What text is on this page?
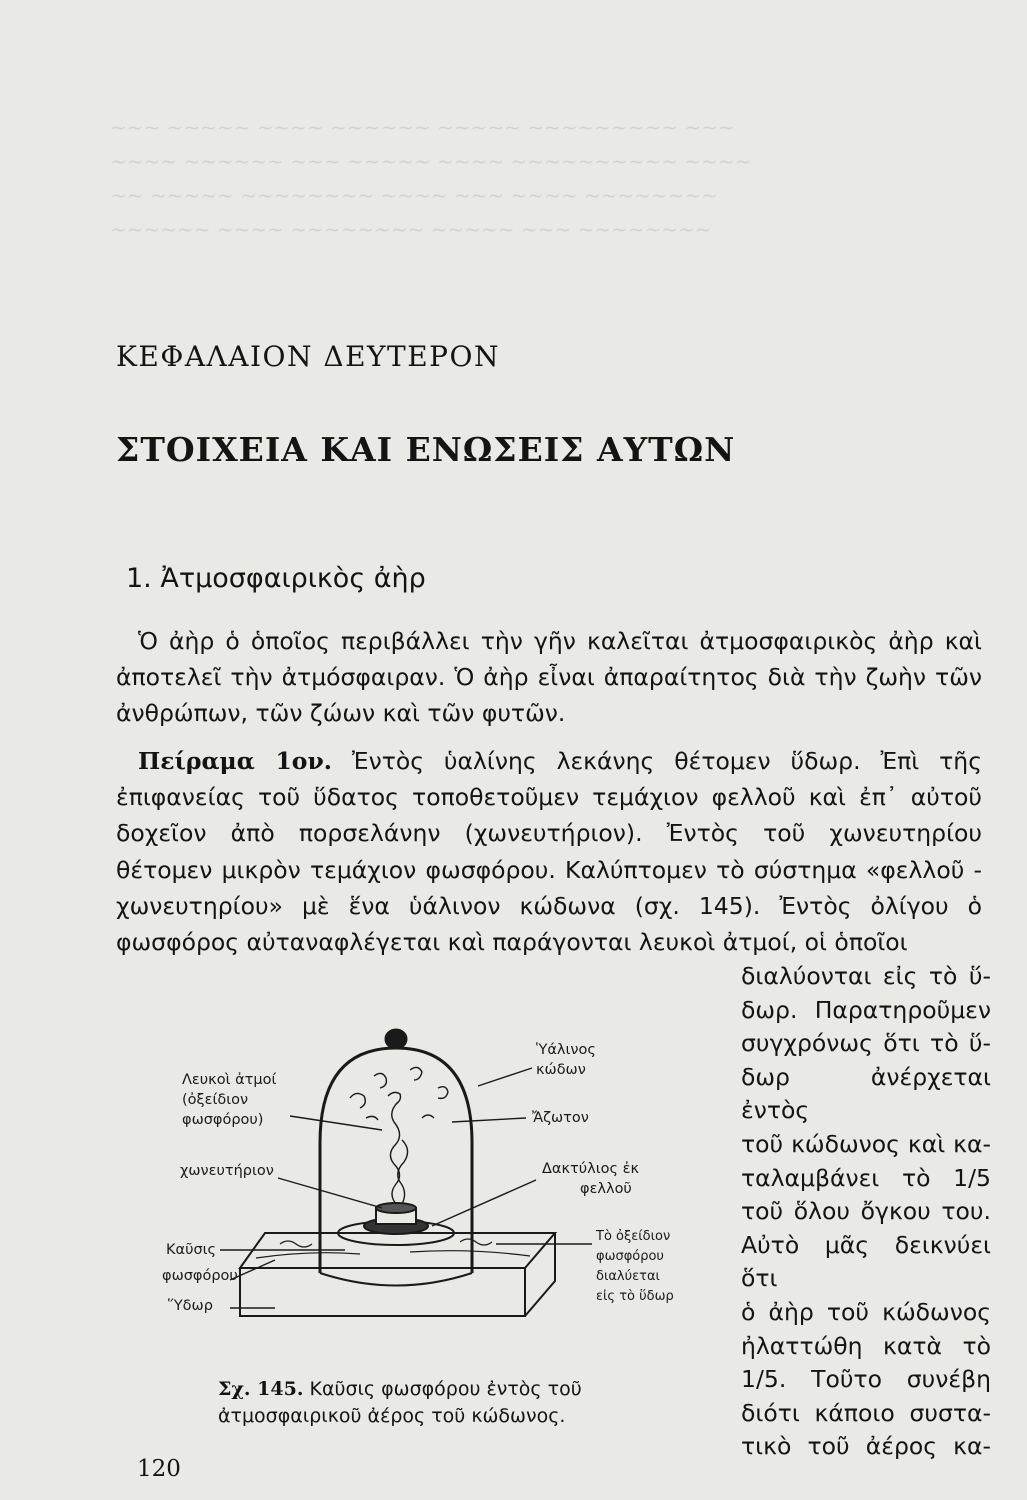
~~~ ~~~~~ ~~~~ ~~~~~~ ~~~~~ ~~~~~~~~~ ~~~
~~~~ ~~~~~~ ~~~ ~~~~~ ~~~~ ~~~~~~~~~~ ~~~~
~~ ~~~~~ ~~~~~~~~ ~~~~ ~~~ ~~~~ ~~~~~~~~
~~~~~~ ~~~~ ~~~~~~~~ ~~~~~ ~~~ ~~~~~~~~
ΚΕΦΑΛΑΙΟΝ ΔΕΥΤΕΡΟΝ
ΣΤΟΙΧΕΙΑ ΚΑΙ ΕΝΩΣΕΙΣ ΑΥΤΩΝ
1. Ἀτμοσφαιρικὸς ἀὴρ

Ὁ ἀὴρ ὁ ὁποῖος περιβάλλει τὴν γῆν καλεῖται ἀτμοσφαιρικὸς ἀὴρ καὶ ἀποτελεῖ τὴν ἀτμόσφαιραν. Ὁ ἀὴρ εἶναι ἀπαραίτητος διὰ τὴν ζωὴν τῶν ἀνθρώπων, τῶν ζώων καὶ τῶν φυτῶν.

Πείραμα 1ον. Ἐντὸς ὑαλίνης λεκάνης θέτομεν ὕδωρ. Ἐπὶ τῆς ἐπιφανείας τοῦ ὕδατος τοποθετοῦμεν τεμάχιον φελλοῦ καὶ ἐπ᾽ αὐτοῦ δοχεῖον ἀπὸ πορσελάνην (χωνευτήριον). Ἐντὸς τοῦ χωνευτηρίου θέτομεν μικρὸν τεμάχιον φωσφόρου. Καλύπτομεν τὸ σύστημα «φελλοῦ - χωνευτηρίου» μὲ ἕνα ὑάλινον κώδωνα (σχ. 145). Ἐντὸς ὀλίγου ὁ φωσφόρος αὐταναφλέγεται καὶ παράγονται λευκοὶ ἀτμοί, οἱ ὁποῖοι

διαλύονται εἰς τὸ ὕ-
δωρ. Παρατηροῦμεν
συγχρόνως ὅτι τὸ ὕ-
δωρ ἀνέρχεται ἐντὸς
τοῦ κώδωνος καὶ κα-
ταλαμβάνει τὸ 1/5
τοῦ ὅλου ὄγκου του.
Αὐτὸ μᾶς δεικνύει ὅτι
ὁ ἀὴρ τοῦ κώδωνος
ἠλαττώθη κατὰ τὸ
1/5. Τοῦτο συνέβη
διότι κάποιο συστα-
τικὸ τοῦ ἀέρος κα-
Λευκοὶ ἀτμοί
(ὀξείδιον
φωσφόρου)
χωνευτήριον
Καῦσις
φωσφόρου
Ὕδωρ
Ὑάλινος
κώδων
Ἄζωτον
Δακτύλιος ἐκ
φελλοῦ
Τὸ ὀξείδιον
φωσφόρου
διαλύεται
εἰς τὸ ὕδωρ
Σχ. 145. Καῦσις φωσφόρου ἐντὸς τοῦ
ἀτμοσφαιρικοῦ ἀέρος τοῦ κώδωνος.
120
